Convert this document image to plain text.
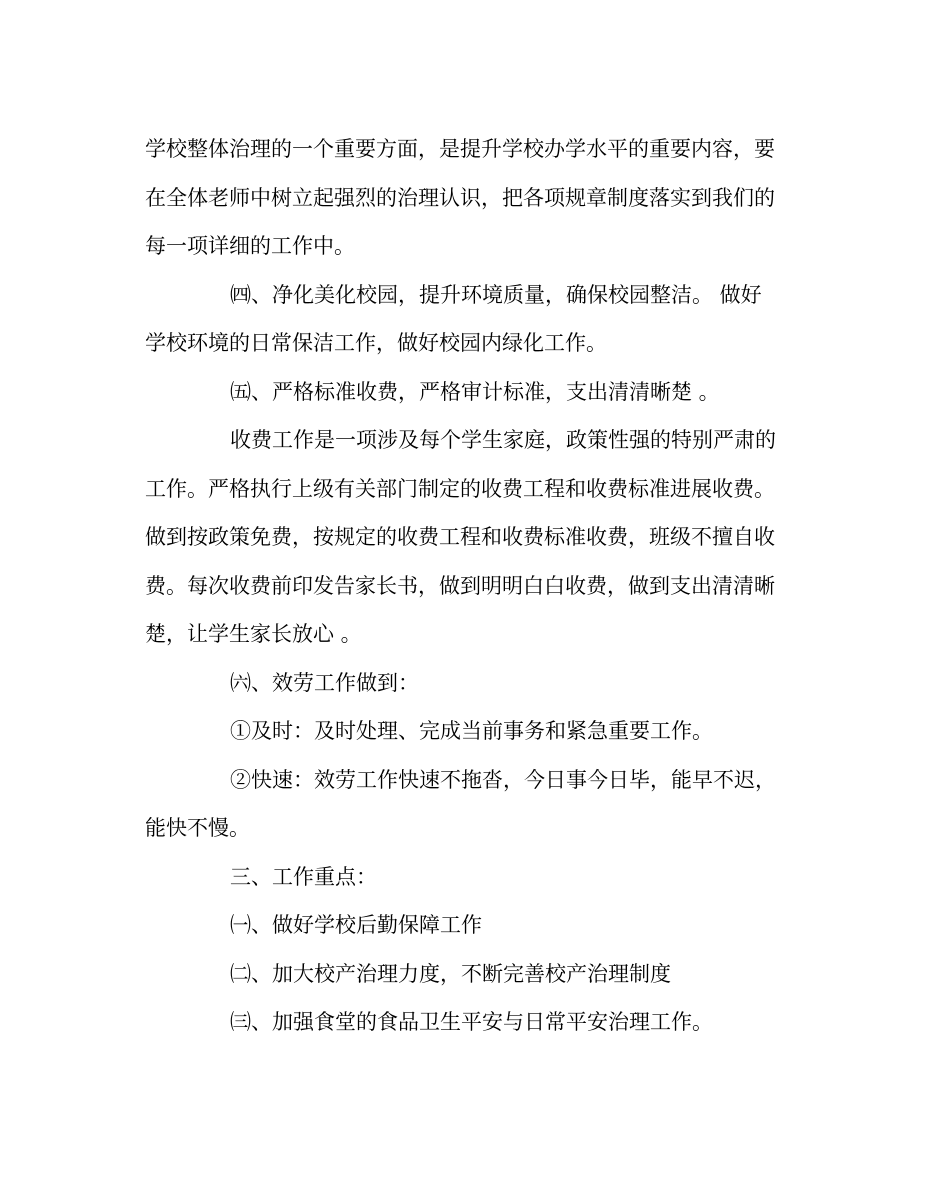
学校整体治理的一个重要方面，是提升学校办学水平的重要内容，要

在全体老师中树立起强烈的治理认识，把各项规章制度落实到我们的

每一项详细的工作中。

㈣、净化美化校园，提升环境质量，确保校园整洁。 做好

学校环境的日常保洁工作，做好校园内绿化工作。

㈤、严格标准收费，严格审计标准，支出清清晰楚 。

收费工作是一项涉及每个学生家庭，政策性强的特别严肃的

工作。严格执行上级有关部门制定的收费工程和收费标准进展收费。

做到按政策免费，按规定的收费工程和收费标准收费，班级不擅自收

费。每次收费前印发告家长书，做到明明白白收费，做到支出清清晰

楚，让学生家长放心 。

㈥、效劳工作做到：

①及时：及时处理、完成当前事务和紧急重要工作。

②快速：效劳工作快速不拖沓，今日事今日毕，能早不迟，

能快不慢。

三、工作重点：

㈠、做好学校后勤保障工作

㈡、加大校产治理力度，不断完善校产治理制度

㈢、加强食堂的食品卫生平安与日常平安治理工作。
